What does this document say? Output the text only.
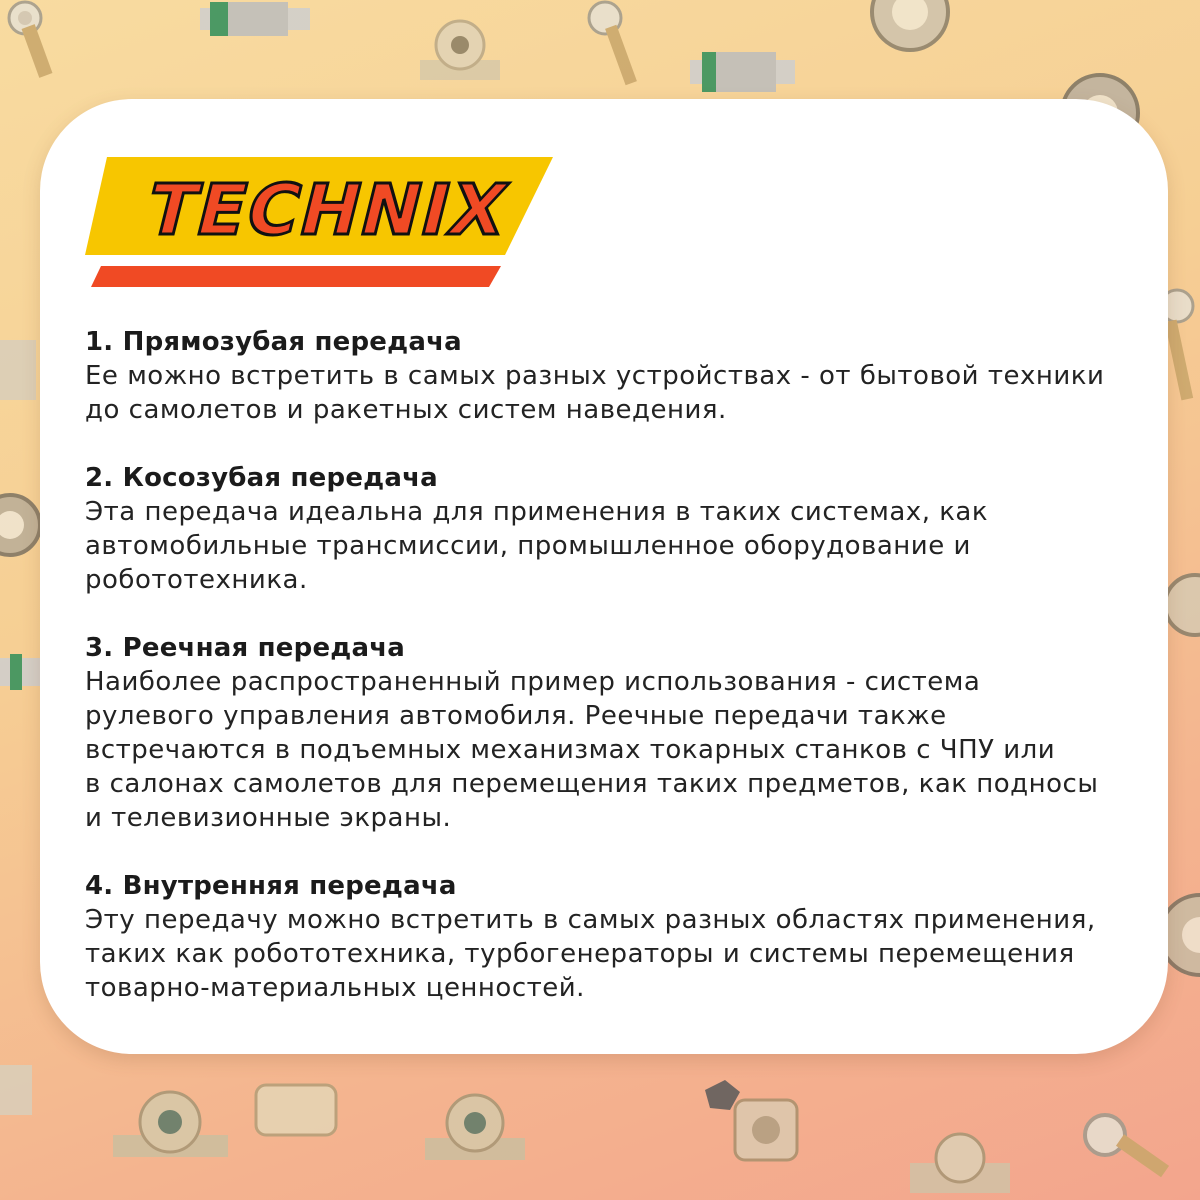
TECHNIX
1. Прямозубая передача

Ее можно встретить в самых разных устройствах - от бытовой техники

до самолетов и ракетных систем наведения.

2. Косозубая передача

Эта передача идеальна для применения в таких системах, как

автомобильные трансмиссии, промышленное оборудование и

робототехника.

3. Реечная передача

Наиболее распространенный пример использования - система

рулевого управления автомобиля. Реечные передачи также

встречаются в подъемных механизмах токарных станков с ЧПУ или

в салонах самолетов для перемещения таких предметов, как подносы

и телевизионные экраны.

4. Внутренняя передача

Эту передачу можно встретить в самых разных областях применения,

таких как робототехника, турбогенераторы и системы перемещения

товарно-материальных ценностей.
